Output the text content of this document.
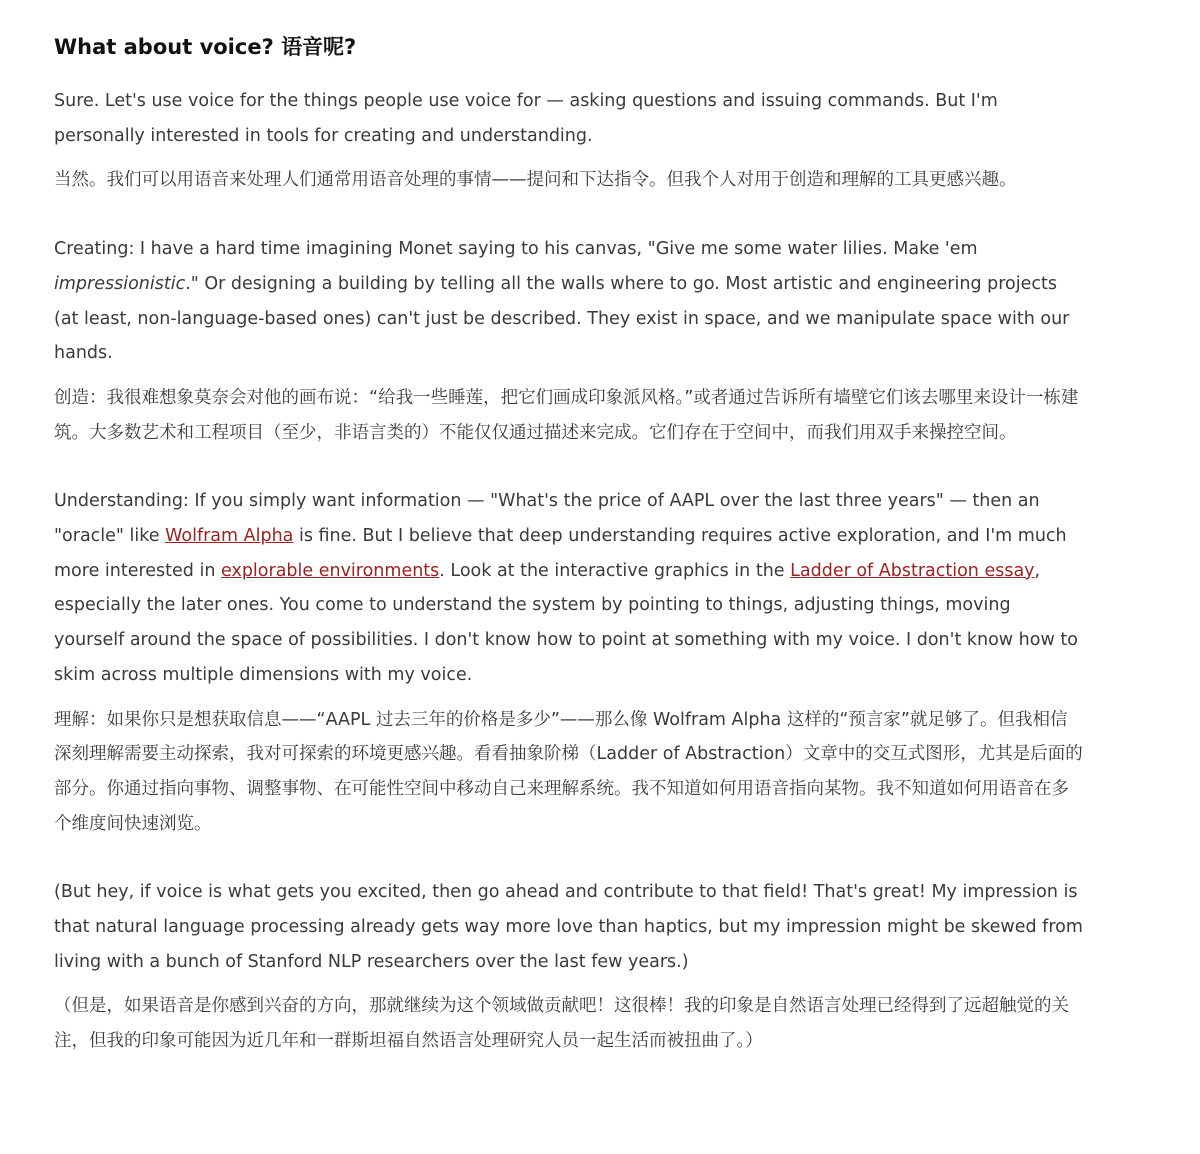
What about voice? 语音呢?

Sure. Let's use voice for the things people use voice for — asking questions and issuing commands. But I'm personally interested in tools for creating and understanding.

当然。我们可以用语音来处理人们通常用语音处理的事情——提问和下达指令。但我个人对用于创造和理解的工具更感兴趣。

Creating: I have a hard time imagining Monet saying to his canvas, "Give me some water lilies. Make 'em impressionistic." Or designing a building by telling all the walls where to go. Most artistic and engineering projects (at least, non-language-based ones) can't just be described. They exist in space, and we manipulate space with our hands.

创造：我很难想象莫奈会对他的画布说：“给我一些睡莲，把它们画成印象派风格。”或者通过告诉所有墙壁它们该去哪里来设计一栋建筑。大多数艺术和工程项目（至少，非语言类的）不能仅仅通过描述来完成。它们存在于空间中，而我们用双手来操控空间。

Understanding: If you simply want information — "What's the price of AAPL over the last three years" — then an "oracle" like Wolfram Alpha is fine. But I believe that deep understanding requires active exploration, and I'm much more interested in explorable environments. Look at the interactive graphics in the Ladder of Abstraction essay, especially the later ones. You come to understand the system by pointing to things, adjusting things, moving yourself around the space of possibilities. I don't know how to point at something with my voice. I don't know how to skim across multiple dimensions with my voice.

理解：如果你只是想获取信息——“AAPL 过去三年的价格是多少”——那么像 Wolfram Alpha 这样的“预言家”就足够了。但我相信深刻理解需要主动探索，我对可探索的环境更感兴趣。看看抽象阶梯（Ladder of Abstraction）文章中的交互式图形，尤其是后面的部分。你通过指向事物、调整事物、在可能性空间中移动自己来理解系统。我不知道如何用语音指向某物。我不知道如何用语音在多个维度间快速浏览。

(But hey, if voice is what gets you excited, then go ahead and contribute to that field! That's great! My impression is that natural language processing already gets way more love than haptics, but my impression might be skewed from living with a bunch of Stanford NLP researchers over the last few years.)

（但是，如果语音是你感到兴奋的方向，那就继续为这个领域做贡献吧！这很棒！我的印象是自然语言处理已经得到了远超触觉的关注，但我的印象可能因为近几年和一群斯坦福自然语言处理研究人员一起生活而被扭曲了。）
